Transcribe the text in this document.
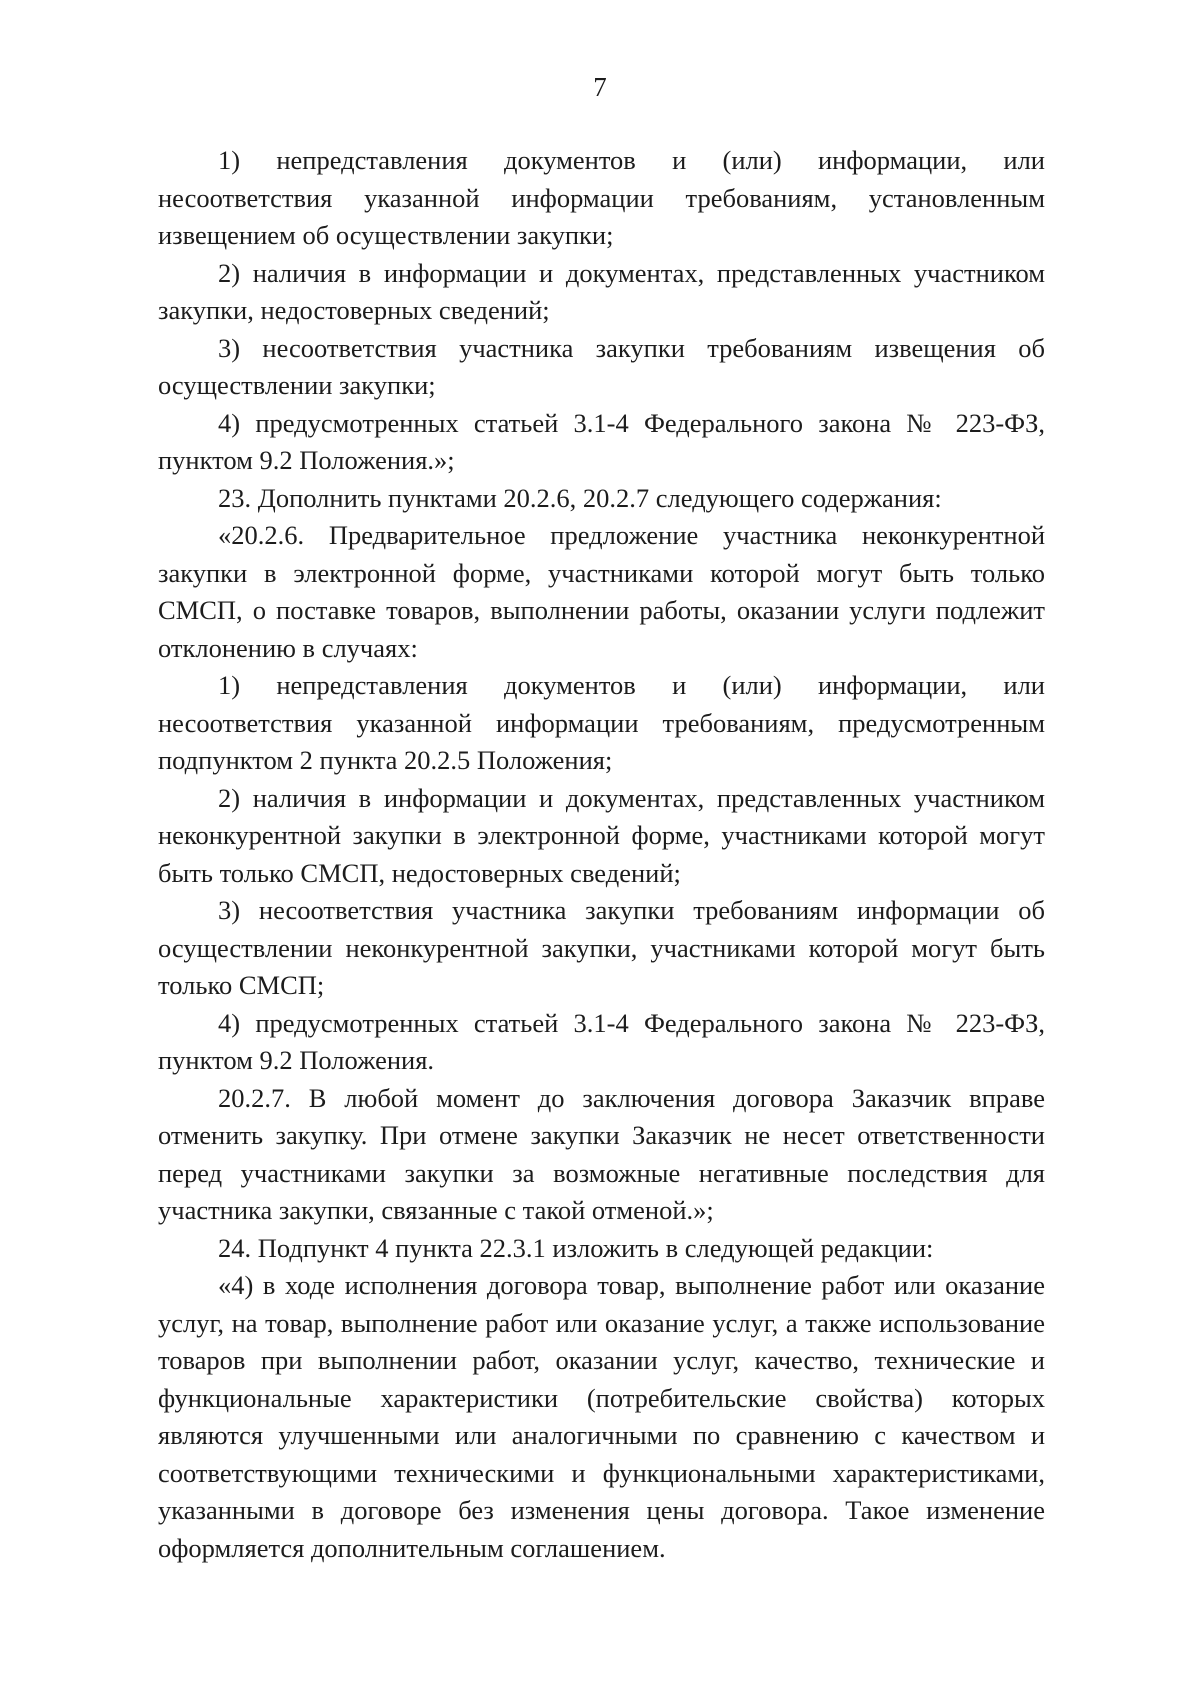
7

1) непредставления документов и (или) информации, или несоответствия указанной информации требованиям, установленным извещением об осуществлении закупки;

2) наличия в информации и документах, представленных участником закупки, недостоверных сведений;

3) несоответствия участника закупки требованиям извещения об осуществлении закупки;

4) предусмотренных статьей 3.1-4 Федерального закона № 223-ФЗ, пунктом 9.2 Положения.»;

23. Дополнить пунктами 20.2.6, 20.2.7 следующего содержания:

«20.2.6. Предварительное предложение участника неконкурентной закупки в электронной форме, участниками которой могут быть только СМСП, о поставке товаров, выполнении работы, оказании услуги подлежит отклонению в случаях:

1) непредставления документов и (или) информации, или несоответствия указанной информации требованиям, предусмотренным подпунктом 2 пункта 20.2.5 Положения;

2) наличия в информации и документах, представленных участником неконкурентной закупки в электронной форме, участниками которой могут быть только СМСП, недостоверных сведений;

3) несоответствия участника закупки требованиям информации об осуществлении неконкурентной закупки, участниками которой могут быть только СМСП;

4) предусмотренных статьей 3.1-4 Федерального закона № 223-ФЗ, пунктом 9.2 Положения.

20.2.7. В любой момент до заключения договора Заказчик вправе отменить закупку. При отмене закупки Заказчик не несет ответственности перед участниками закупки за возможные негативные последствия для участника закупки, связанные с такой отменой.»;

24. Подпункт 4 пункта 22.3.1 изложить в следующей редакции:

«4) в ходе исполнения договора товар, выполнение работ или оказание услуг, на товар, выполнение работ или оказание услуг, а также использование товаров при выполнении работ, оказании услуг, качество, технические и функциональные характеристики (потребительские свойства) которых являются улучшенными или аналогичными по сравнению с качеством и соответствующими техническими и функциональными характеристиками, указанными в договоре без изменения цены договора. Такое изменение оформляется дополнительным соглашением.
